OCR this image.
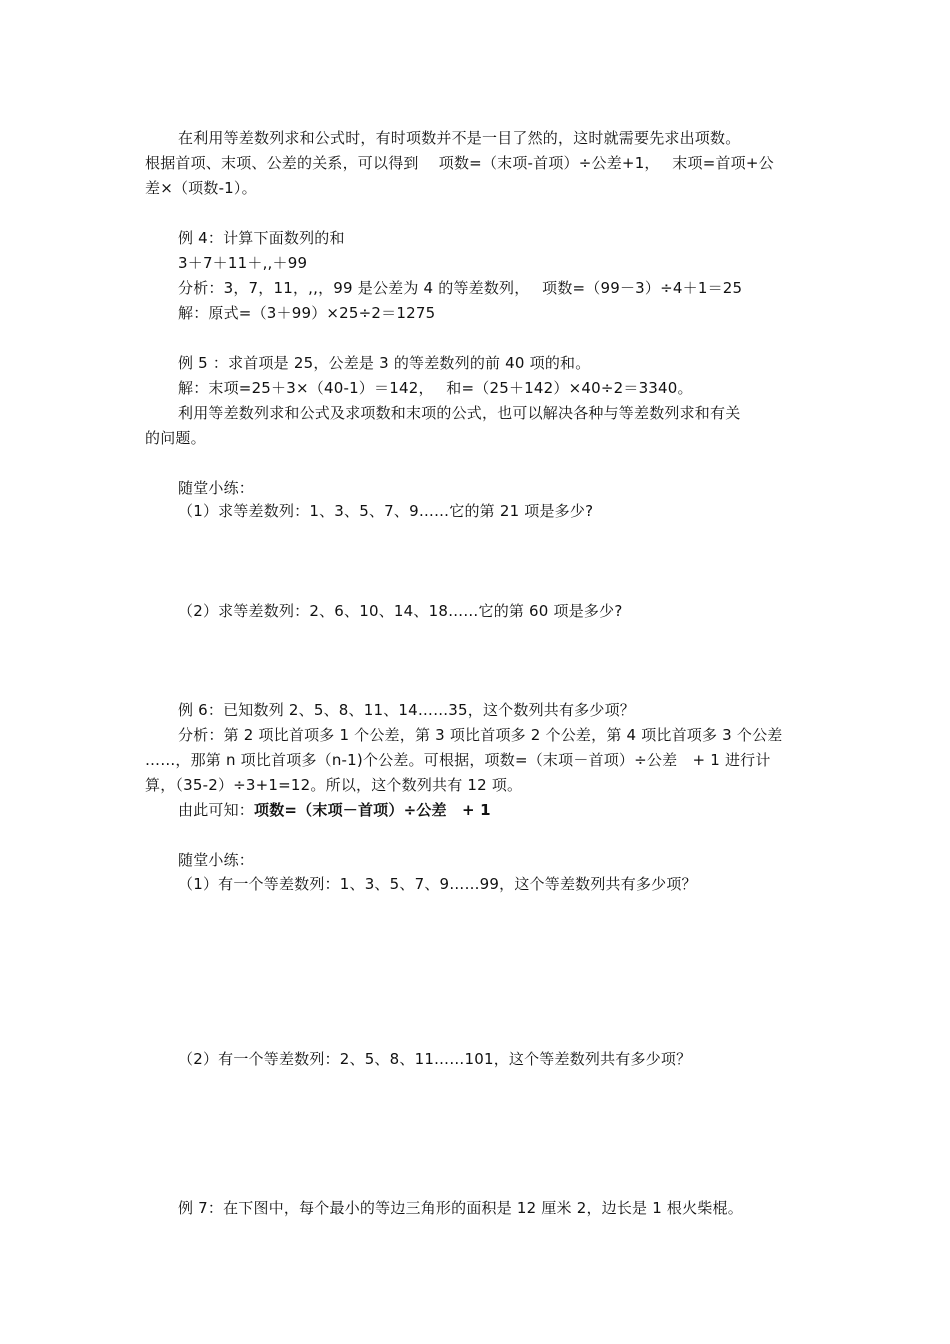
在利用等差数列求和公式时，有时项数并不是一目了然的，这时就需要先求出项数。
根据首项、末项、公差的关系，可以得到　 项数=（末项-首项）÷公差+1，　 末项=首项+公
差×（项数-1）。
例 4：计算下面数列的和
3＋7＋11＋,,＋99
分析：3，7，11，,,，99 是公差为 4 的等差数列，　 项数=（99－3）÷4＋1＝25
解：原式=（3＋99）×25÷2＝1275
例 5 ：求首项是 25，公差是 3 的等差数列的前 40 项的和。
解：末项=25＋3×（40-1）＝142，　 和=（25＋142）×40÷2＝3340。
利用等差数列求和公式及求项数和末项的公式，也可以解决各种与等差数列求和有关
的问题。
随堂小练：
（1）求等差数列：1、3、5、7、9……它的第 21 项是多少?
（2）求等差数列：2、6、10、14、18……它的第 60 项是多少?
例 6：已知数列 2、5、8、11、14……35，这个数列共有多少项？
分析：第 2 项比首项多 1 个公差，第 3 项比首项多 2 个公差，第 4 项比首项多 3 个公差
……，那第 n 项比首项多（n-1)个公差。可根据，项数=（末项－首项）÷公差　+ 1 进行计
算，（35-2）÷3+1=12。所以，这个数列共有 12 项。
由此可知：项数=（末项－首项）÷公差　+ 1
随堂小练：
（1）有一个等差数列：1、3、5、7、9……99，这个等差数列共有多少项？
（2）有一个等差数列：2、5、8、11……101，这个等差数列共有多少项？
例 7：在下图中，每个最小的等边三角形的面积是 12 厘米 2，边长是 1 根火柴棍。
